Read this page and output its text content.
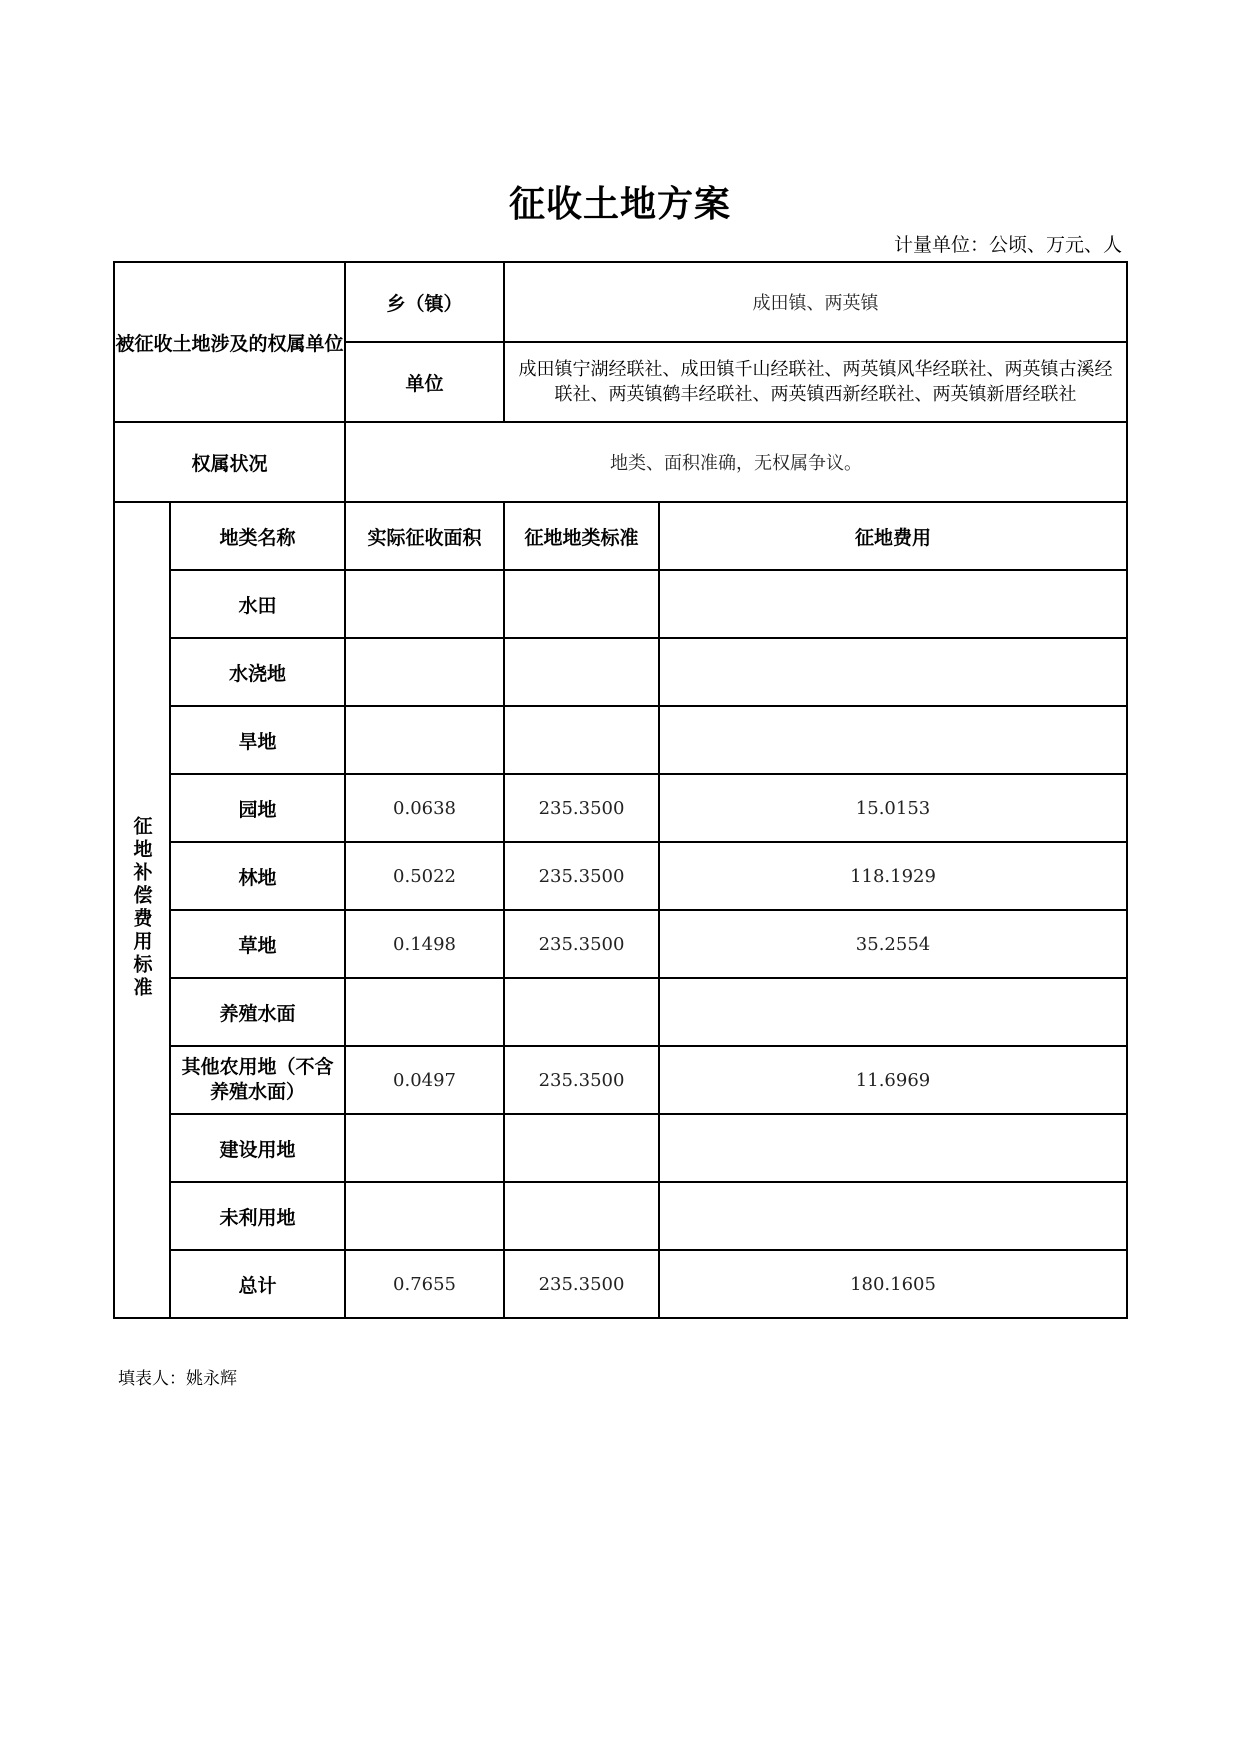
征收土地方案
计量单位：公顷、万元、人
被征收土地涉及的权属单位		乡（镇）	成田镇、两英镇	
		单位	成田镇宁湖经联社、成田镇千山经联社、两英镇风华经联社、两英镇古溪经联社、两英镇鹤丰经联社、两英镇西新经联社、两英镇新厝经联社	
权属状况		地类、面积准确，无权属争议。		
征地补偿费用标准	地类名称	实际征收面积	征地地类标准	征地费用
	水田			
	水浇地			
	旱地			
	园地	0.0638	235.3500	15.0153
	林地	0.5022	235.3500	118.1929
	草地	0.1498	235.3500	35.2554
	养殖水面			
	其他农用地（不含养殖水面）	0.0497	235.3500	11.6969
	建设用地			
	未利用地			
	总计	0.7655	235.3500	180.1605
填表人：姚永辉
